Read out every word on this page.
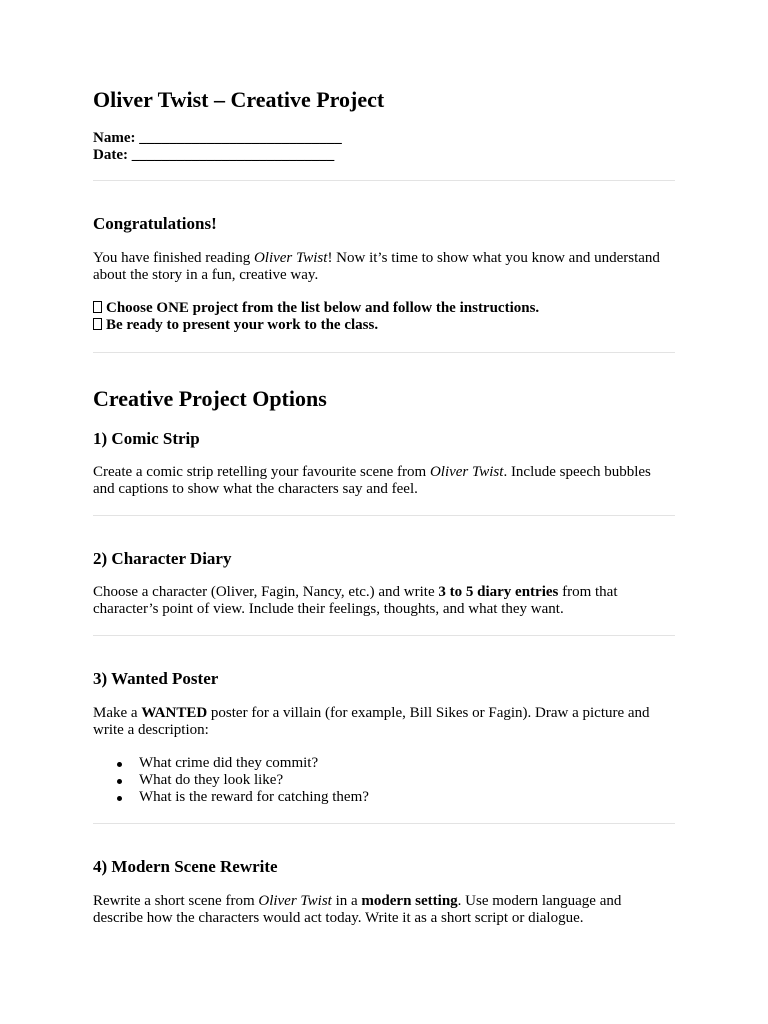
Oliver Twist – Creative Project
Name: ___________________________
Date: ___________________________
Congratulations!

You have finished reading Oliver Twist! Now it’s time to show what you know and understand about the story in a fun, creative way.

Choose ONE project from the list below and follow the instructions.
Be ready to present your work to the class.
Creative Project Options
1) Comic Strip

Create a comic strip retelling your favourite scene from Oliver Twist. Include speech bubbles and captions to show what the characters say and feel.

2) Character Diary

Choose a character (Oliver, Fagin, Nancy, etc.) and write 3 to 5 diary entries from that character’s point of view. Include their feelings, thoughts, and what they want.

3) Wanted Poster

Make a WANTED poster for a villain (for example, Bill Sikes or Fagin). Draw a picture and write a description:

What crime did they commit?
What do they look like?
What is the reward for catching them?
4) Modern Scene Rewrite

Rewrite a short scene from Oliver Twist in a modern setting. Use modern language and describe how the characters would act today. Write it as a short script or dialogue.
